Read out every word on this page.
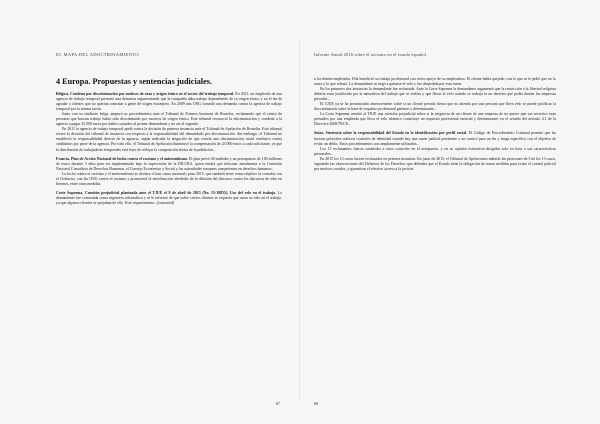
EL MAPA DEL ADOCTRINAMIENTO
4 Europa. Propuestas y sentencias judiciales.

Bélgica. Condena por discriminación por motivos de raza y origen étnico en el sector del trabajo temporal. En 2011, un empleado de una agencia de trabajo temporal presentó una denuncia argumentando que la compañía daba trabajo dependiendo de su origen étnico y no el fin de agradar a clientes que no querían contratar a gente de origen extranjero. En 2009 una ONG formuló una demanda contra la agencia de trabajo temporal por la misma razón.

Junto con su sindicato belga, ampuró su procedimiento ante el Tribunal de Primera Instancia de Bruselas, reclamando que el centro de personas que buscan trabajo había sido discriminado por motivos de origen étnico. Este tribunal reconoció la discriminación y condenó a la agencia a pagar 25.000 euros por daños causados al primer demandante y no así al segundo.

En 2011 la agencia de trabajo temporal apeló contra la decisión de primera instancia ante el Tribunal de Apelación de Bruselas. Este tribunal revisó la decisión del tribunal de instancia con respecto a la responsabilidad del demandado por discriminación. Sin embargo, el Tribunal no estableció la responsabilidad directa de la agencia, según indicaba la alegación de que existía una discriminación racial sistémica contra candidatos por parte de la agencia. Por todo ello, el Tribunal de Apelación disminuyó la compensación de 25.000 euros a cada solicitante, ya que la distribución de trabajadores temporales está lejos de reflejar la composición étnica de la población...

Francia. Plan de Acción Nacional de lucha contra el racismo y el antisemitismo. El plan prevé 40 medidas y un presupuesto de 100 millones de euros durante 3 años para ser implementado bajo la supervisión de la DILCRA, quien tendrá que informar anualmente a la Comisión Nacional Consultiva de Derechos Humanos, el Consejo Económico y Social y las autoridades europeas competentes en derechos humanos.

La lucha contra el racismo y el antisemitismo se declara «Gran causa nacional» para 2015, que también tiene como objetivo la consulta con el Gobierno, con las ONG contra el racismo y promoverá la movilización alrededor de la difusión del discurso contra los discursos de odio en Internet, entre otras medidas.

Corte Suprema. Cuestión prejudicial planteada ante el TJUE el 9 de abril de 2015 (No. 15-19855). Uso del velo en el trabajo. La demandante fue contratada como ingeniera informática y se le informó de que sobre ciertos clientes se requería que usara su velo en el trabajo, ya que algunos clientes se quejaban de ello. Este requerimiento...[truncated]

67
Informe Anual 2016 sobre el racismo en el estado español

a los demás empleados. Ella benefició su trabajo profesional con cierto apoyo de su empleadora. El cliente había quejado, tras lo que se le pidió que no lo usara y lo que rehusó. La demandante se negó a quitarse el velo y fue despedida por esta razón.

En los primeros dos instancias la demandante fue rechazada. Ante la Corte Suprema la demandante argumentó que la restricción a la libertad religiosa debería estar justificada por la naturaleza del trabajo que se realiza y que llevar el velo cuando se trabaja es un derecho que podía limitar las empresas privadas...

El TJUE ya se ha pronunciado anteriormente sobre si un cliente privado desea que no atienda por una persona que lleva velo se puede justificar la discriminación sobre la base de requisito profesional genuino y determinante...

La Corte Suprema remitió al TJUE una cuestión prejudicial sobre si la exigencia de un cliente de una empresa de no querer que sus servicios sean prestados por una empleada que lleva el velo islámico constituye un requisito profesional esencial y determinante, en el sentido del artículo 4.1 de la Directiva 2000/78/CE...

Suiza. Sentencia sobre la responsabilidad del Estado en la identificación por perfil racial. El Código de Procedimiento Criminal permite que las fuerzas policiales realicen controles de identidad cuando hay una razón judicial pertinente o un control para un fin y tenga específico con el objetivo de evitar un delito. Estos procedimientos son ampliamente utilizados...

Los 13 reclamantes fueron sometidos a estos controles en el aeropuerto, y en su opinión estuvieron dirigidos solo en base a sus características personales...

En 2015 los 13 casos fueron rechazados en primera instancia. En junio de 2015, el Tribunal de Apelaciones admitió las peticiones de 5 de los 13 casos, siguiendo las observaciones del Defensor de los Derechos que defendía que el Estado tiene la obligación de tomar medidas para evitar el control policial por motivos raciales, y garantizar el efectivo acceso a la justicia.

68
